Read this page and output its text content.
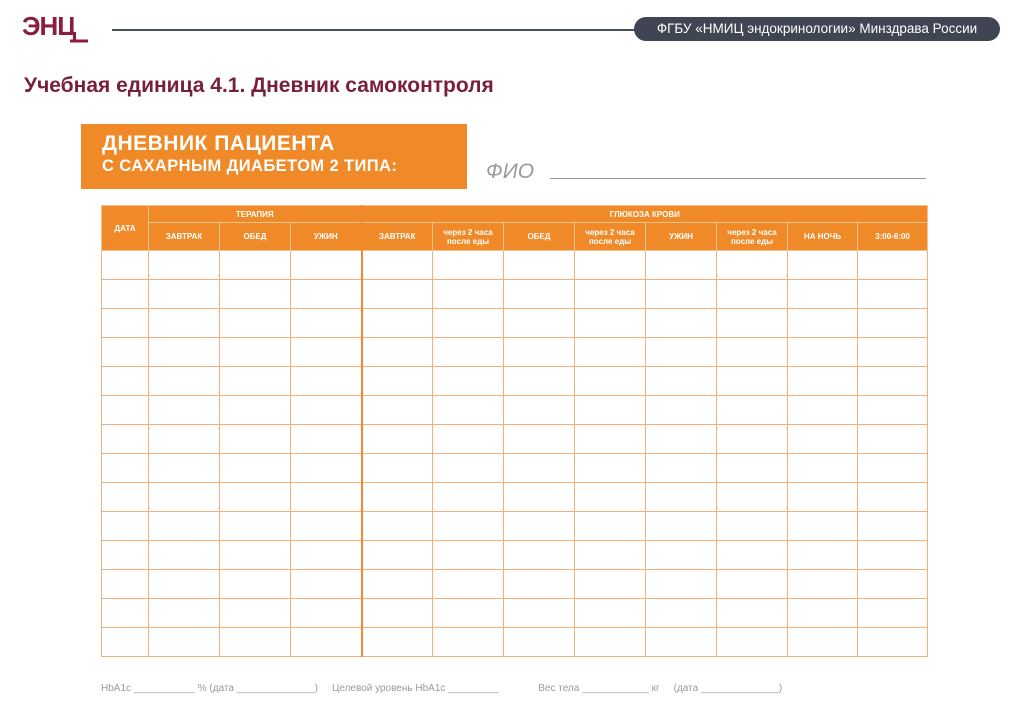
ЭНЦ	ФГБУ «НМИЦ эндокринологии» Минздрава России
Учебная единица 4.1. Дневник самоконтроля
ДНЕВНИК ПАЦИЕНТА
С САХАРНЫМ ДИАБЕТОМ 2 ТИПА:	ФИО
ДАТА	ТЕРАПИЯ			ГЛЮКОЗА КРОВИ							
	ЗАВТРАК	ОБЕД	УЖИН	ЗАВТРАК	через 2 часа после еды	ОБЕД	через 2 часа после еды	УЖИН	через 2 часа после еды	НА НОЧЬ	3:00-6:00

HbA1c ___________ % (дата ______________) Целевой уровень HbA1c _________	Вес тела ____________ кг (дата ______________)
